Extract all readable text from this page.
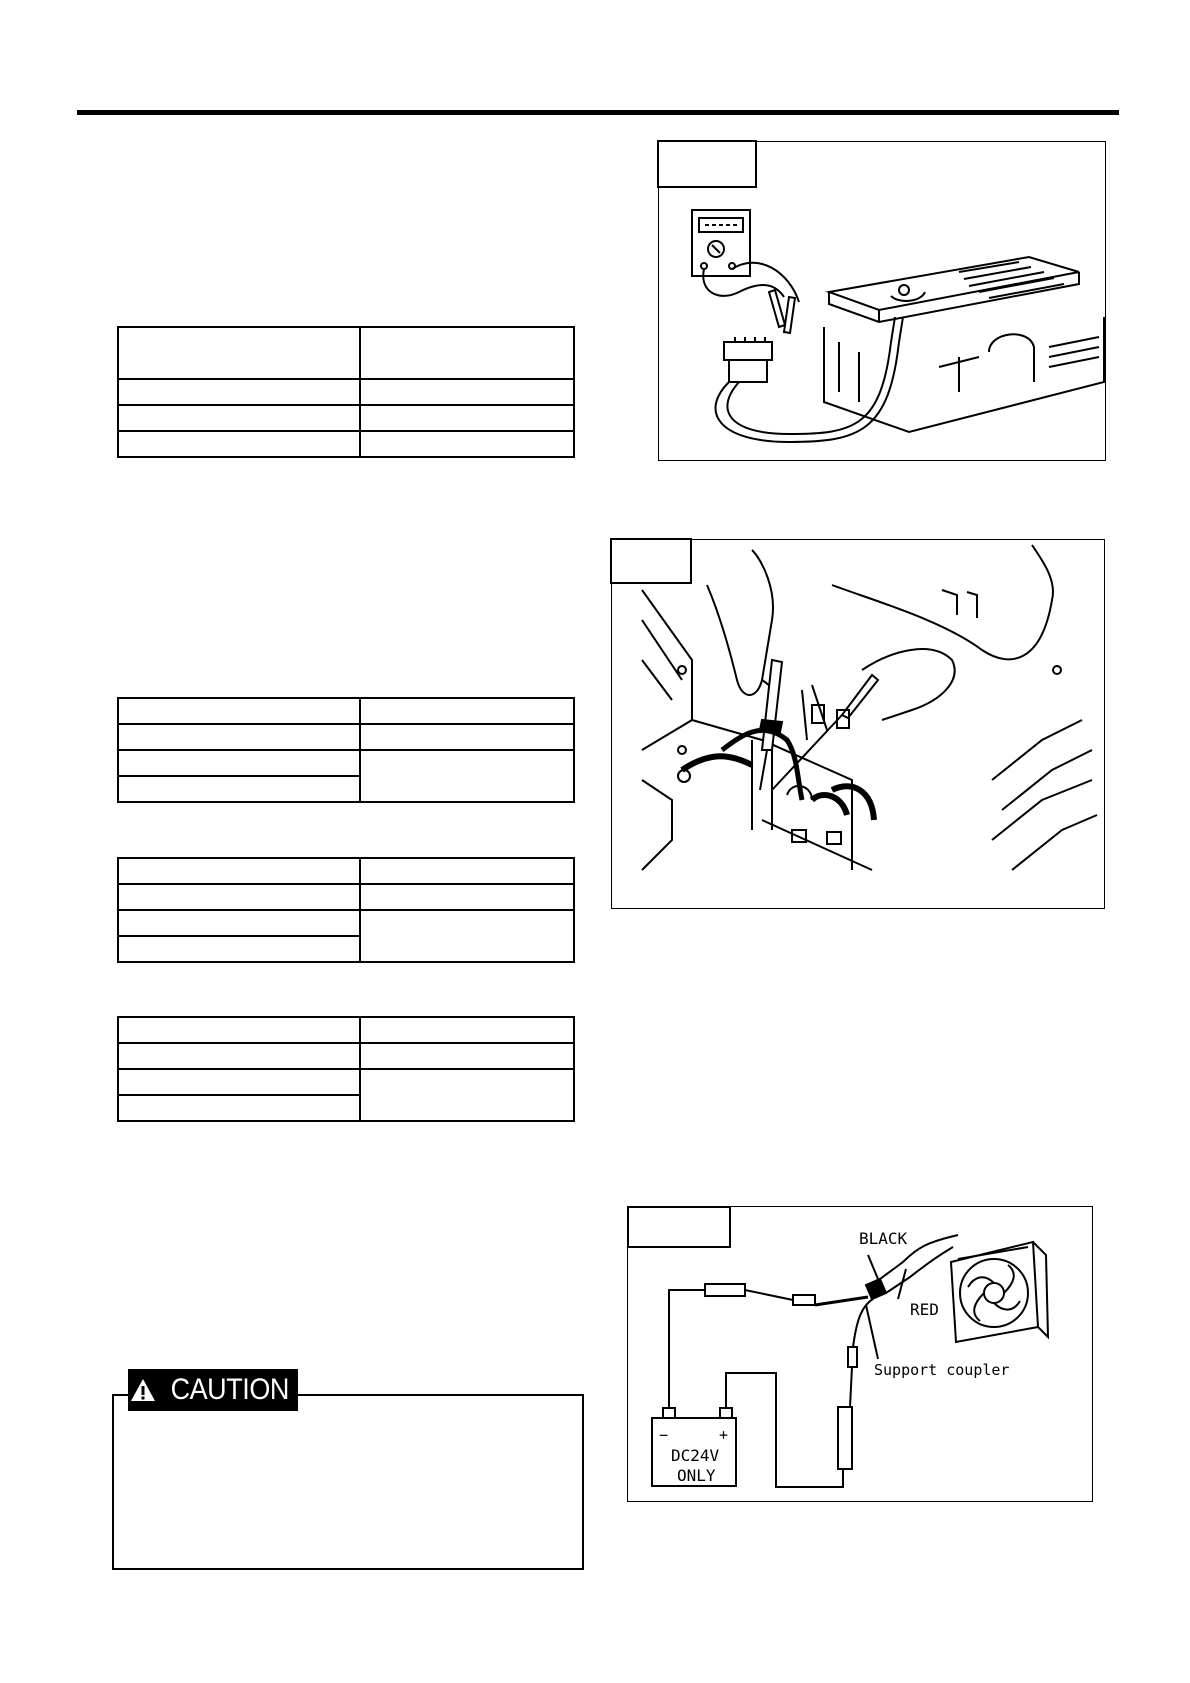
BLACK
RED
Support coupler
−	+
DC24V
ONLY
CAUTION
